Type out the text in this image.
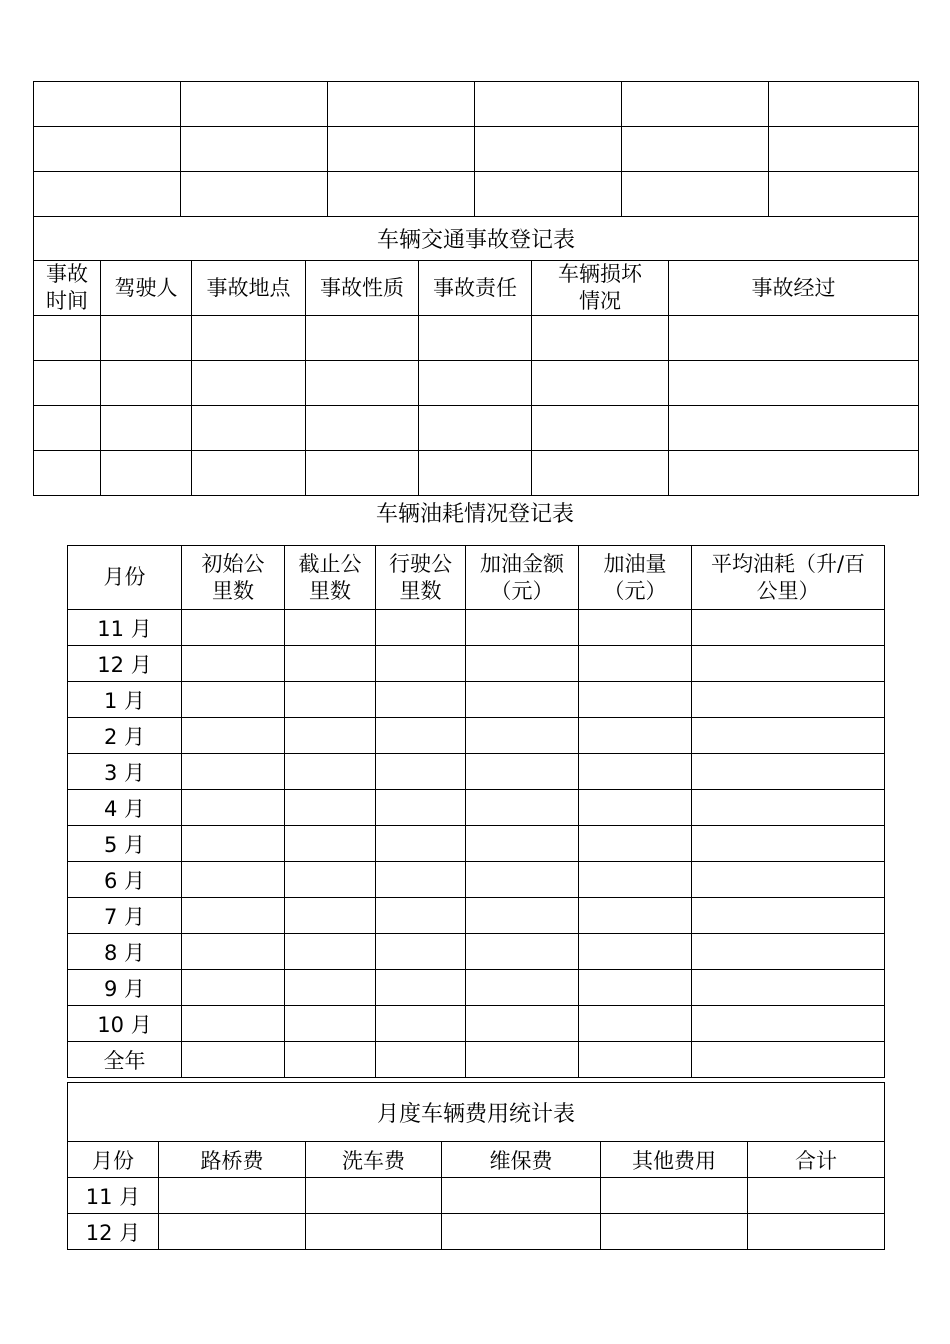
车辆交通事故登记表						
事故时间	驾驶人	事故地点	事故性质	事故责任	车辆损坏情况	事故经过

车辆油耗情况登记表
月份	初始公里数	截止公里数	行驶公里数	加油金额（元）	加油量（元）	平均油耗（升/百公里）
11 月						
12 月						
1 月						
2 月						
3 月						
4 月						
5 月						
6 月						
7 月						
8 月						
9 月						
10 月						
全年						
月度车辆费用统计表					
月份	路桥费	洗车费	维保费	其他费用	合计
11 月					
12 月					
